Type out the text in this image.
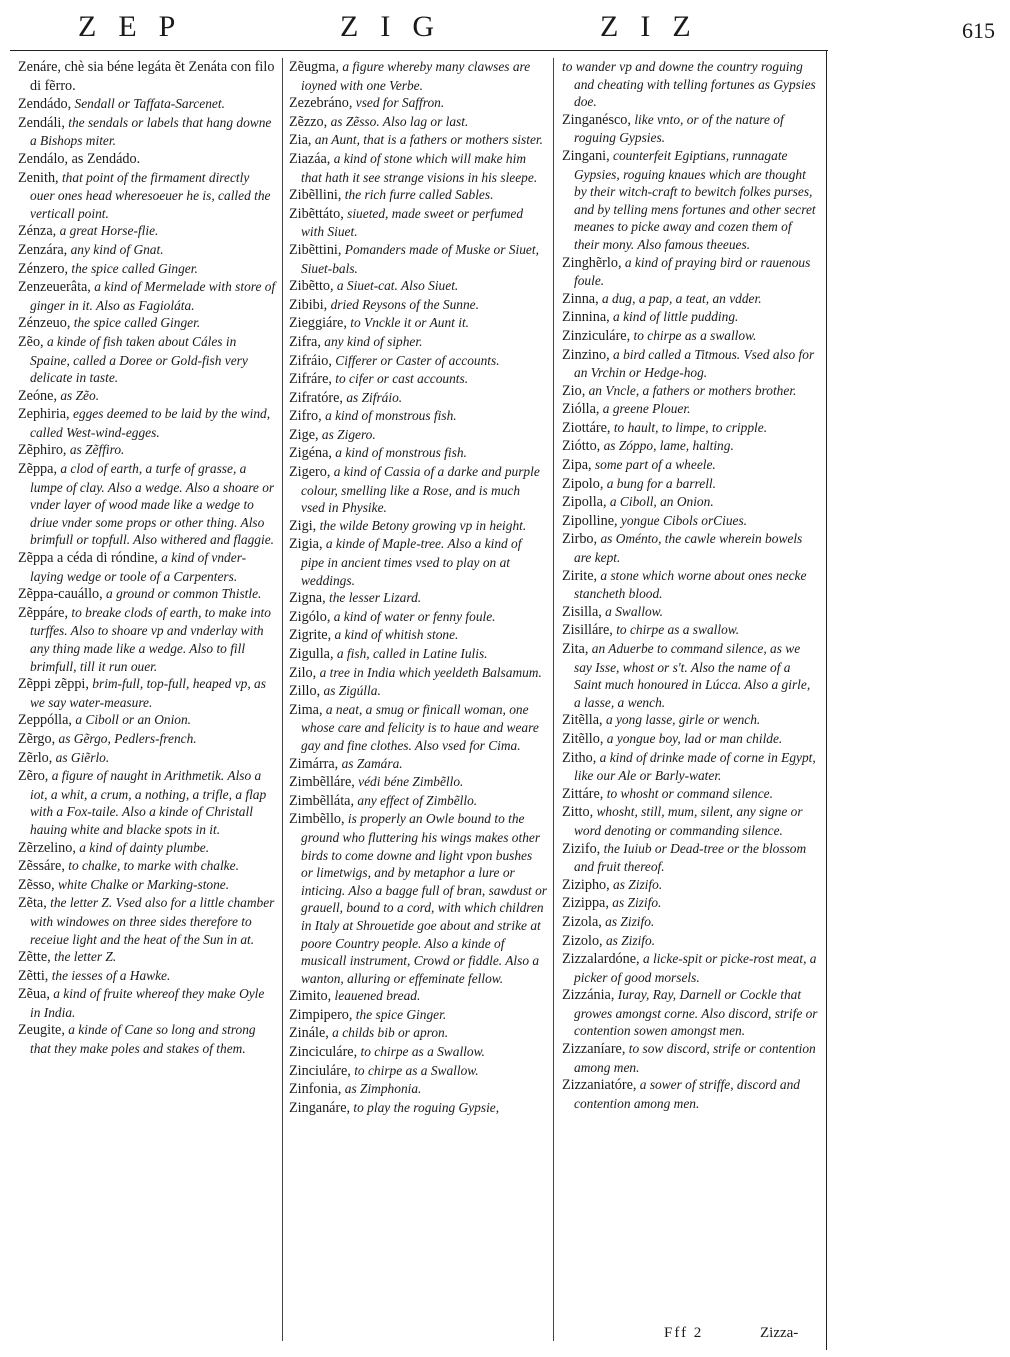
ZEP	ZIG	ZIZ	615

Zenáre, chè sia béne legáta ẽt Zenáta con filo di fẽrro.

Zendádo, Sendall or Taffata-Sarcenet.

Zendáli, the sendals or labels that hang downe a Bishops miter.

Zendálo, as Zendádo.

Zenith, that point of the firmament directly ouer ones head wheresoeuer he is, called the verticall point.

Zénza, a great Horse-flie.

Zenzára, any kind of Gnat.

Zénzero, the spice called Ginger.

Zenzeuerâta, a kind of Mermelade with store of ginger in it. Also as Fagioláta.

Zénzeuo, the spice called Ginger.

Zẽo, a kinde of fish taken about Cáles in Spaine, called a Doree or Gold-fish very delicate in taste.

Zeóne, as Zẽo.

Zephiria, egges deemed to be laid by the wind, called West-wind-egges.

Zẽphiro, as Zẽffiro.

Zẽppa, a clod of earth, a turfe of grasse, a lumpe of clay. Also a wedge. Also a shoare or vnder layer of wood made like a wedge to driue vnder some props or other thing. Also brimfull or topfull. Also withered and flaggie.

Zẽppa a céda di róndine, a kind of vnder-laying wedge or toole of a Carpenters.

Zẽppa-cauállo, a ground or common Thistle.

Zẽppáre, to breake clods of earth, to make into turffes. Also to shoare vp and vnderlay with any thing made like a wedge. Also to fill brimfull, till it run ouer.

Zẽppi zẽppi, brim-full, top-full, heaped vp, as we say water-measure.

Zeppólla, a Ciboll or an Onion.

Zẽrgo, as Gẽrgo, Pedlers-french.

Zẽrlo, as Giẽrlo.

Zẽro, a figure of naught in Arithmetik. Also a iot, a whit, a crum, a nothing, a trifle, a flap with a Fox-taile. Also a kinde of Christall hauing white and blacke spots in it.

Zẽrzelino, a kind of dainty plumbe.

Zẽssáre, to chalke, to marke with chalke.

Zẽsso, white Chalke or Marking-stone.

Zẽta, the letter Z. Vsed also for a little chamber with windowes on three sides therefore to receiue light and the heat of the Sun in at.

Zẽtte, the letter Z.

Zẽtti, the iesses of a Hawke.

Zẽua, a kind of fruite whereof they make Oyle in India.

Zeugite, a kinde of Cane so long and strong that they make poles and stakes of them.

Zẽugma, a figure whereby many clawses are ioyned with one Verbe.

Zezebráno, vsed for Saffron.

Zẽzzo, as Zẽsso. Also lag or last.

Zia, an Aunt, that is a fathers or mothers sister.

Ziazáa, a kind of stone which will make him that hath it see strange visions in his sleepe.

Zibẽllini, the rich furre called Sables.

Zibẽttáto, siueted, made sweet or perfumed with Siuet.

Zibẽttini, Pomanders made of Muske or Siuet, Siuet-bals.

Zibẽtto, a Siuet-cat. Also Siuet.

Zibibi, dried Reysons of the Sunne.

Zieggiáre, to Vnckle it or Aunt it.

Zifra, any kind of sipher.

Zifráio, Cifferer or Caster of accounts.

Zifráre, to cifer or cast accounts.

Zifratóre, as Zifráio.

Zifro, a kind of monstrous fish.

Zige, as Zigero.

Zigéna, a kind of monstrous fish.

Zigero, a kind of Cassia of a darke and purple colour, smelling like a Rose, and is much vsed in Physike.

Zigi, the wilde Betony growing vp in height.

Zigia, a kinde of Maple-tree. Also a kind of pipe in ancient times vsed to play on at weddings.

Zigna, the lesser Lizard.

Zigólo, a kind of water or fenny foule.

Zigrite, a kind of whitish stone.

Zigulla, a fish, called in Latine Iulis.

Zilo, a tree in India which yeeldeth Balsamum.

Zillo, as Zigúlla.

Zima, a neat, a smug or finicall woman, one whose care and felicity is to haue and weare gay and fine clothes. Also vsed for Cima.

Zimárra, as Zamára.

Zimbẽlláre, védi béne Zimbẽllo.

Zimbẽlláta, any effect of Zimbẽllo.

Zimbẽllo, is properly an Owle bound to the ground who fluttering his wings makes other birds to come downe and light vpon bushes or limetwigs, and by metaphor a lure or inticing. Also a bagge full of bran, sawdust or grauell, bound to a cord, with which children in Italy at Shrouetide goe about and strike at poore Country people. Also a kinde of musicall instrument, Crowd or fiddle. Also a wanton, alluring or effeminate fellow.

Zimito, leauened bread.

Zimpipero, the spice Ginger.

Zinále, a childs bib or apron.

Zinciculáre, to chirpe as a Swallow.

Zinciuláre, to chirpe as a Swallow.

Zinfonia, as Zimphonia.

Zinganáre, to play the roguing Gypsie,

to wander vp and downe the country roguing and cheating with telling fortunes as Gypsies doe.

Zinganésco, like vnto, or of the nature of roguing Gypsies.

Zingani, counterfeit Egiptians, runnagate Gypsies, roguing knaues which are thought by their witch-craft to bewitch folkes purses, and by telling mens fortunes and other secret meanes to picke away and cozen them of their mony. Also famous theeues.

Zinghẽrlo, a kind of praying bird or rauenous foule.

Zinna, a dug, a pap, a teat, an vdder.

Zinnina, a kind of little pudding.

Zinziculáre, to chirpe as a swallow.

Zinzino, a bird called a Titmous. Vsed also for an Vrchin or Hedge-hog.

Zio, an Vncle, a fathers or mothers brother.

Ziólla, a greene Plouer.

Ziottáre, to hault, to limpe, to cripple.

Ziótto, as Zóppo, lame, halting.

Zipa, some part of a wheele.

Zipolo, a bung for a barrell.

Zipolla, a Ciboll, an Onion.

Zipolline, yongue Cibols orCiues.

Zirbo, as Oménto, the cawle wherein bowels are kept.

Zirite, a stone which worne about ones necke stancheth blood.

Zisilla, a Swallow.

Zisilláre, to chirpe as a swallow.

Zita, an Aduerbe to command silence, as we say Isse, whost or s't. Also the name of a Saint much honoured in Lúcca. Also a girle, a lasse, a wench.

Zitẽlla, a yong lasse, girle or wench.

Zitẽllo, a yongue boy, lad or man childe.

Zitho, a kind of drinke made of corne in Egypt, like our Ale or Barly-water.

Zittáre, to whosht or command silence.

Zitto, whosht, still, mum, silent, any signe or word denoting or commanding silence.

Zizifo, the Iuiub or Dead-tree or the blossom and fruit thereof.

Ziziphо, as Zizifo.

Zizippa, as Zizifo.

Zizola, as Zizifo.

Zizolo, as Zizifo.

Zizzalardóne, a licke-spit or picke-rost meat, a picker of good morsels.

Zizzánia, Iuray, Ray, Darnell or Cockle that growes amongst corne. Also discord, strife or contention sowen amongst men.

Zizzaníare, to sow discord, strife or contention among men.

Zizzaniatóre, a sower of striffe, discord and contention among men.

Fff 2	Zizza-
